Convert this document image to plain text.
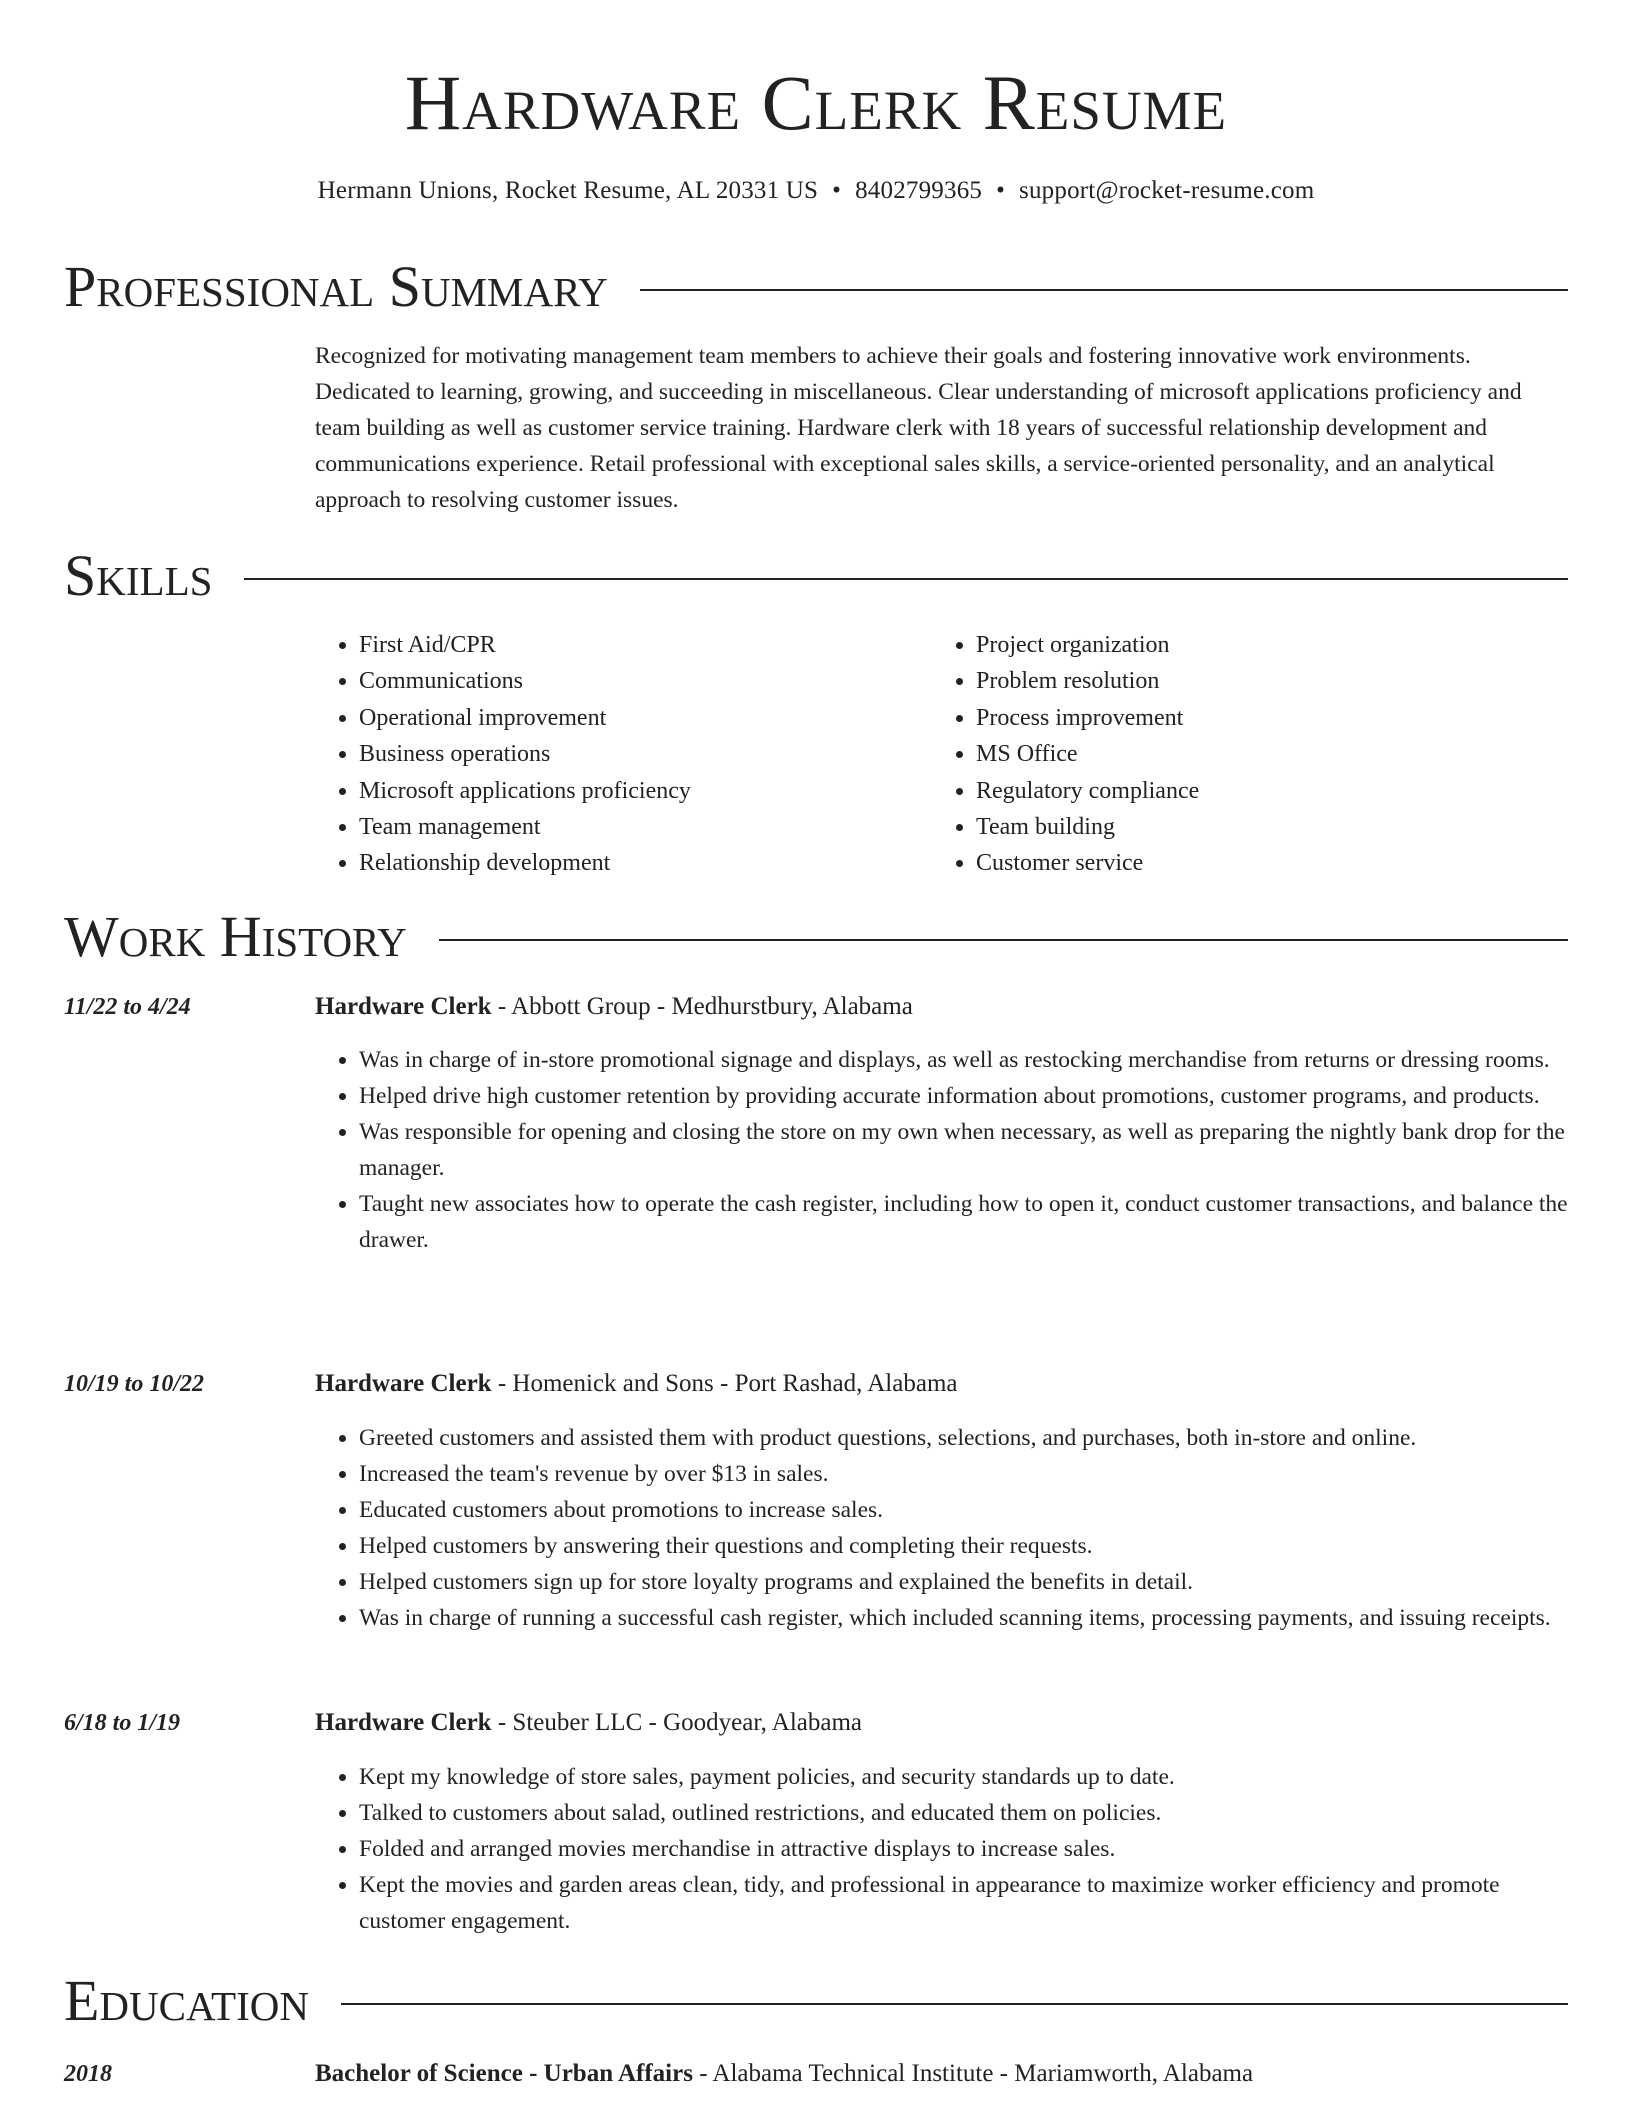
Hardware Clerk Resume
Hermann Unions, Rocket Resume, AL 20331 US • 8402799365 • support@rocket-resume.com
Professional Summary

Recognized for motivating management team members to achieve their goals and fostering innovative work environments. Dedicated to learning, growing, and succeeding in miscellaneous. Clear understanding of microsoft applications proficiency and team building as well as customer service training. Hardware clerk with 18 years of successful relationship development and communications experience. Retail professional with exceptional sales skills, a service-oriented personality, and an analytical approach to resolving customer issues.

Skills
• First Aid/CPR
• Communications
• Operational improvement
• Business operations
• Microsoft applications proficiency
• Team management
• Relationship development
• Project organization
• Problem resolution
• Process improvement
• MS Office
• Regulatory compliance
• Team building
• Customer service
Work History
11/22 to 4/24	Hardware Clerk - Abbott Group - Medhurstbury, Alabama
• Was in charge of in-store promotional signage and displays, as well as restocking merchandise from returns or dressing rooms.
• Helped drive high customer retention by providing accurate information about promotions, customer programs, and products.
• Was responsible for opening and closing the store on my own when necessary, as well as preparing the nightly bank drop for the manager.
• Taught new associates how to operate the cash register, including how to open it, conduct customer transactions, and balance the drawer.
10/19 to 10/22	Hardware Clerk - Homenick and Sons - Port Rashad, Alabama
• Greeted customers and assisted them with product questions, selections, and purchases, both in-store and online.
• Increased the team's revenue by over $13 in sales.
• Educated customers about promotions to increase sales.
• Helped customers by answering their questions and completing their requests.
• Helped customers sign up for store loyalty programs and explained the benefits in detail.
• Was in charge of running a successful cash register, which included scanning items, processing payments, and issuing receipts.
6/18 to 1/19	Hardware Clerk - Steuber LLC - Goodyear, Alabama
• Kept my knowledge of store sales, payment policies, and security standards up to date.
• Talked to customers about salad, outlined restrictions, and educated them on policies.
• Folded and arranged movies merchandise in attractive displays to increase sales.
• Kept the movies and garden areas clean, tidy, and professional in appearance to maximize worker efficiency and promote customer engagement.
Education
2018	Bachelor of Science - Urban Affairs - Alabama Technical Institute - Mariamworth, Alabama
